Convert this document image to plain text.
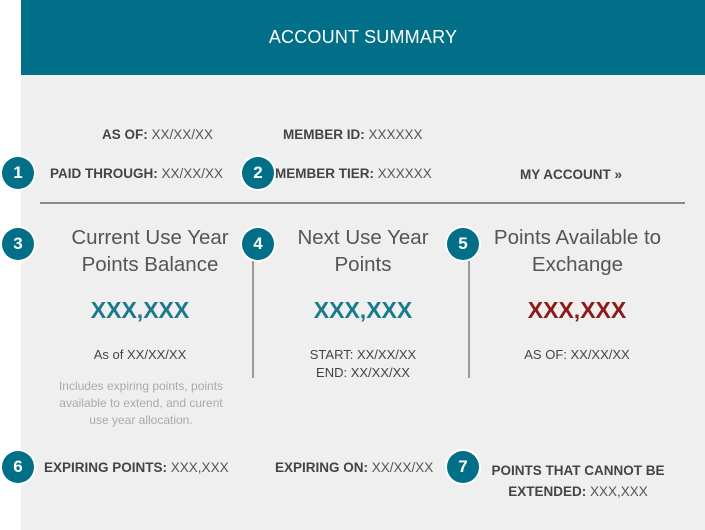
ACCOUNT SUMMARY
AS OF: XX/XX/XX	MEMBER ID: XXXXXX
1	PAID THROUGH: XX/XX/XX	2 MEMBER TIER: XXXXXX	MY ACCOUNT »
3	Current Use Year
Points Balance
XXX,XXX
As of XX/XX/XX
Includes expiring points, points
available to extend, and curent
use year allocation.
4	Next Use Year
Points
XXX,XXX
START: XX/XX/XX
END: XX/XX/XX
5	Points Available to
Exchange
XXX,XXX
AS OF: XX/XX/XX
6	EXPIRING POINTS: XXX,XXX	EXPIRING ON: XX/XX/XX	7	POINTS THAT CANNOT BE
EXTENDED: XXX,XXX
